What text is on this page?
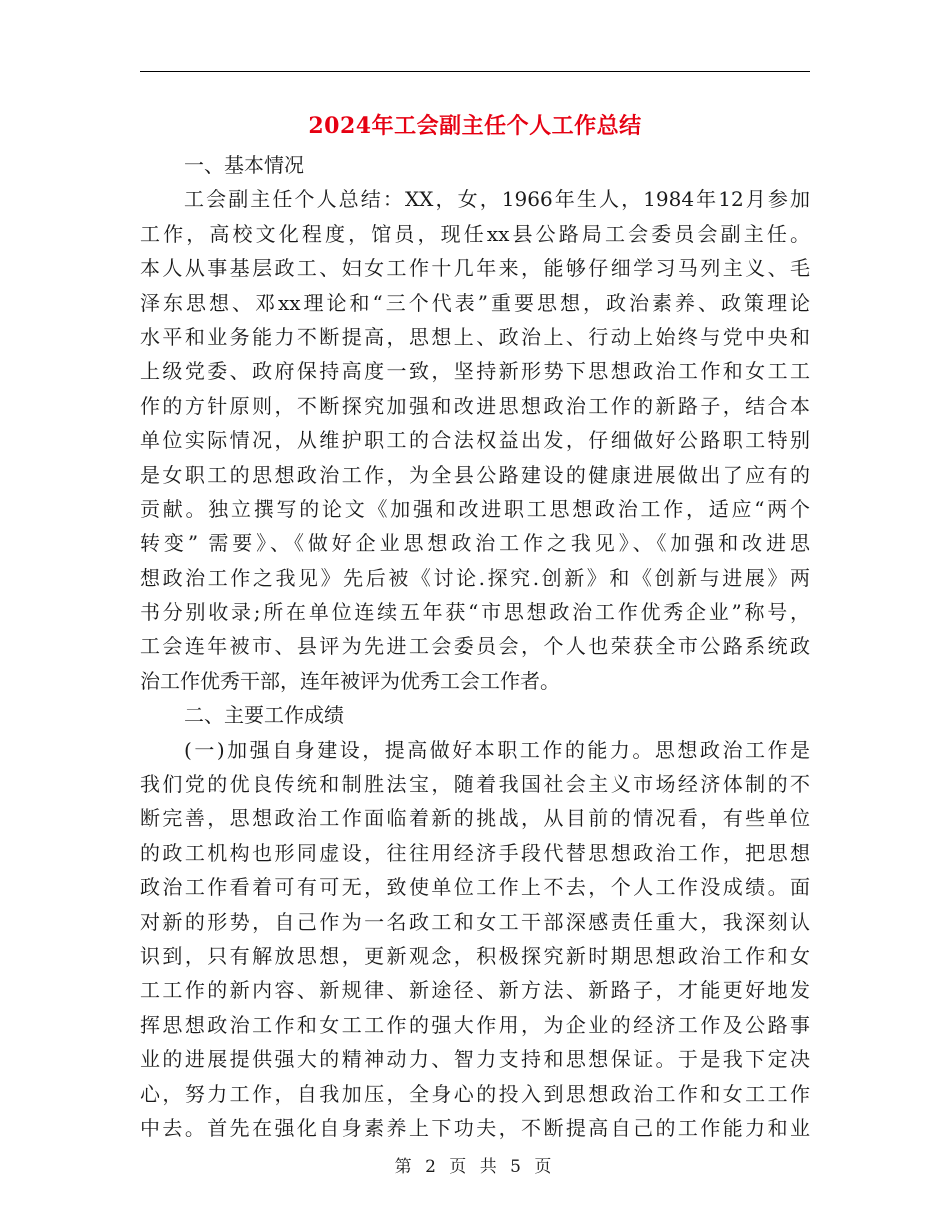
2024年工会副主任个人工作总结
一、基本情况
工会副主任个人总结：XX，女，1966年生人，1984年12月参加
工作，高校文化程度，馆员，现任xx县公路局工会委员会副主任。
本人从事基层政工、妇女工作十几年来，能够仔细学习马列主义、毛
泽东思想、邓xx理论和“三个代表”重要思想，政治素养、政策理论
水平和业务能力不断提高，思想上、政治上、行动上始终与党中央和
上级党委、政府保持高度一致，坚持新形势下思想政治工作和女工工
作的方针原则，不断探究加强和改进思想政治工作的新路子，结合本
单位实际情况，从维护职工的合法权益出发，仔细做好公路职工特别
是女职工的思想政治工作，为全县公路建设的健康进展做出了应有的
贡献。独立撰写的论文《加强和改进职工思想政治工作，适应“两个
转变” 需要》、《做好企业思想政治工作之我见》、《加强和改进思
想政治工作之我见》先后被《讨论.探究.创新》和《创新与进展》两
书分别收录;所在单位连续五年获“市思想政治工作优秀企业”称号，
工会连年被市、县评为先进工会委员会，个人也荣获全市公路系统政
治工作优秀干部，连年被评为优秀工会工作者。
二、主要工作成绩
(一)加强自身建设，提高做好本职工作的能力。思想政治工作是
我们党的优良传统和制胜法宝，随着我国社会主义市场经济体制的不
断完善，思想政治工作面临着新的挑战，从目前的情况看，有些单位
的政工机构也形同虚设，往往用经济手段代替思想政治工作，把思想
政治工作看着可有可无，致使单位工作上不去，个人工作没成绩。面
对新的形势，自己作为一名政工和女工干部深感责任重大，我深刻认
识到，只有解放思想，更新观念，积极探究新时期思想政治工作和女
工工作的新内容、新规律、新途径、新方法、新路子，才能更好地发
挥思想政治工作和女工工作的强大作用，为企业的经济工作及公路事
业的进展提供强大的精神动力、智力支持和思想保证。于是我下定决
心，努力工作，自我加压，全身心的投入到思想政治工作和女工工作
中去。首先在强化自身素养上下功夫，不断提高自己的工作能力和业
第 2 页 共 5 页
